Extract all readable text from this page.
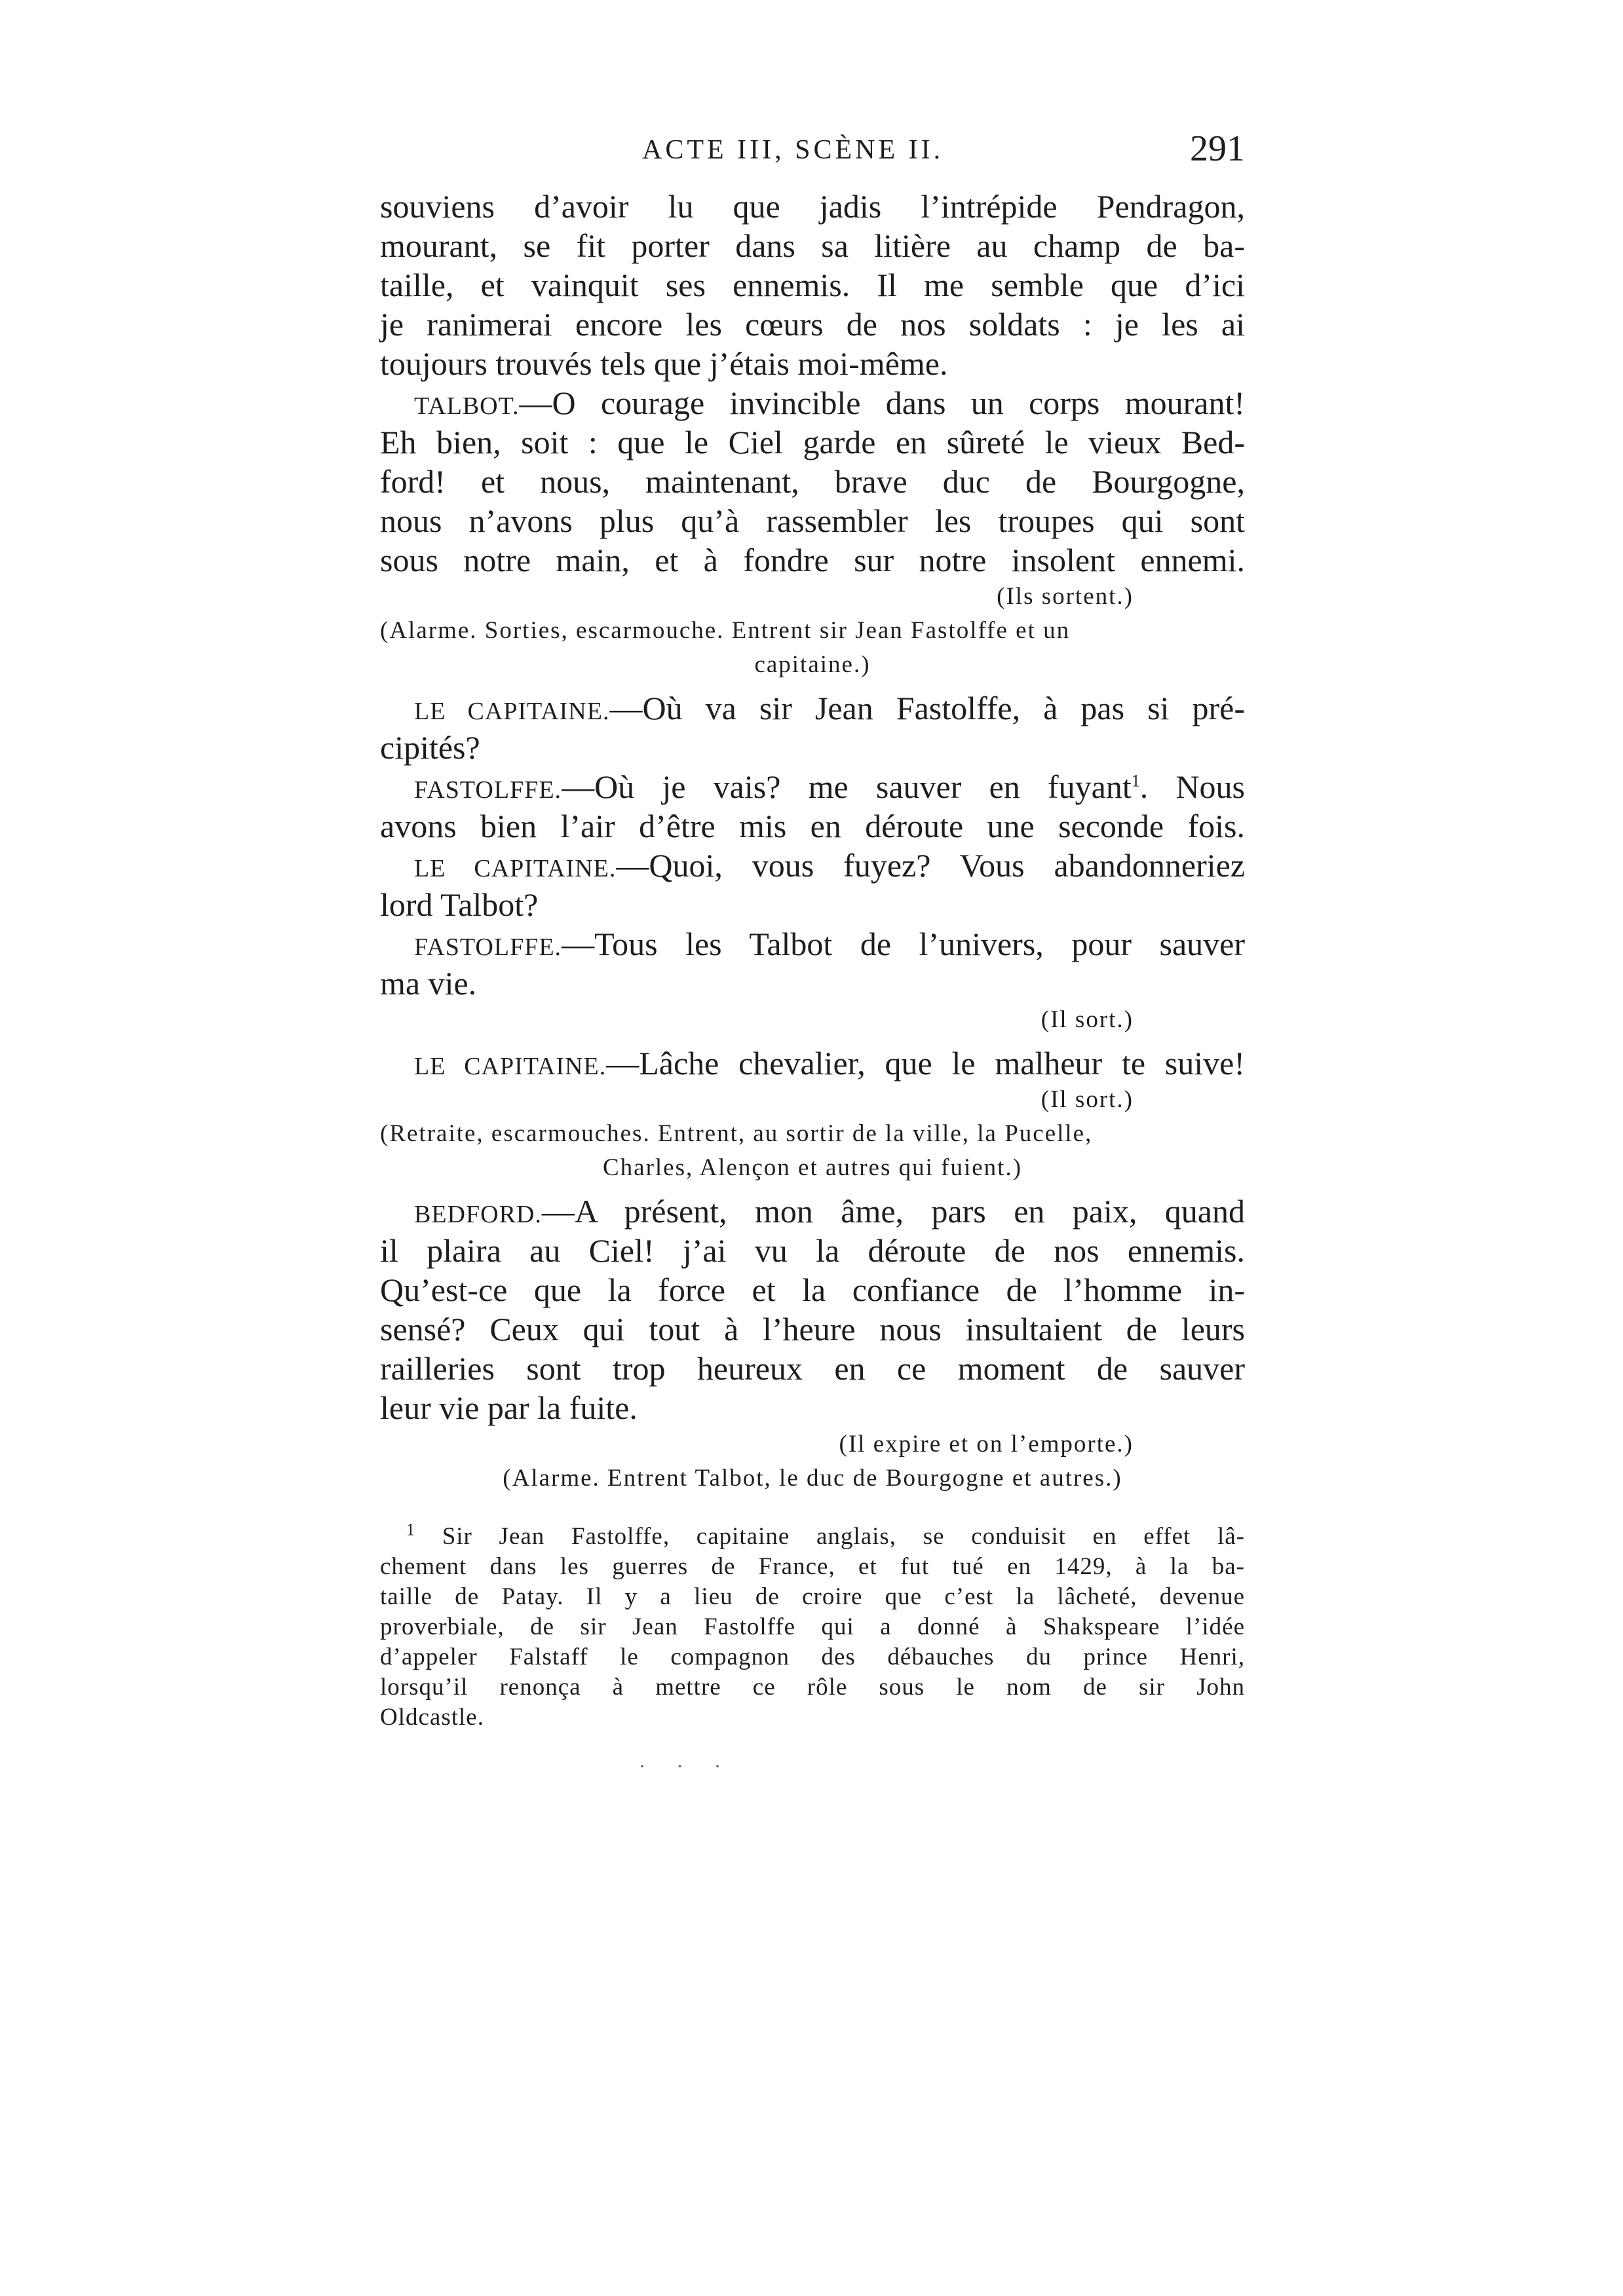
ACTE III, SCÈNE II.	291
souviens d’avoir lu que jadis l’intrépide Pendragon,
mourant, se fit porter dans sa litière au champ de ba-
taille, et vainquit ses ennemis. Il me semble que d’ici
je ranimerai encore les cœurs de nos soldats : je les ai
toujours trouvés tels que j’étais moi-même.
TALBOT.—O courage invincible dans un corps mourant!
Eh bien, soit : que le Ciel garde en sûreté le vieux Bed-
ford! et nous, maintenant, brave duc de Bourgogne,
nous n’avons plus qu’à rassembler les troupes qui sont
sous notre main, et à fondre sur notre insolent ennemi.
(Ils sortent.)
(Alarme. Sorties, escarmouche. Entrent sir Jean Fastolffe et un
capitaine.)
LE CAPITAINE.—Où va sir Jean Fastolffe, à pas si pré-
cipités?
FASTOLFFE.—Où je vais? me sauver en fuyant$^1$. Nous
avons bien l’air d’être mis en déroute une seconde fois.
LE CAPITAINE.—Quoi, vous fuyez? Vous abandonneriez
lord Talbot?
FASTOLFFE.—Tous les Talbot de l’univers, pour sauver
ma vie.
(Il sort.)
LE CAPITAINE.—Lâche chevalier, que le malheur te suive!
(Il sort.)
(Retraite, escarmouches. Entrent, au sortir de la ville, la Pucelle,
Charles, Alençon et autres qui fuient.)
BEDFORD.—A présent, mon âme, pars en paix, quand
il plaira au Ciel! j’ai vu la déroute de nos ennemis.
Qu’est-ce que la force et la confiance de l’homme in-
sensé? Ceux qui tout à l’heure nous insultaient de leurs
railleries sont trop heureux en ce moment de sauver
leur vie par la fuite.
(Il expire et on l’emporte.)
(Alarme. Entrent Talbot, le duc de Bourgogne et autres.)
$^1$ Sir Jean Fastolffe, capitaine anglais, se conduisit en effet lâ-
chement dans les guerres de France, et fut tué en 1429, à la ba-
taille de Patay. Il y a lieu de croire que c’est la lâcheté, devenue
proverbiale, de sir Jean Fastolffe qui a donné à Shakspeare l’idée
d’appeler Falstaff le compagnon des débauches du prince Henri,
lorsqu’il renonça à mettre ce rôle sous le nom de sir John
Oldcastle.
· · ·
